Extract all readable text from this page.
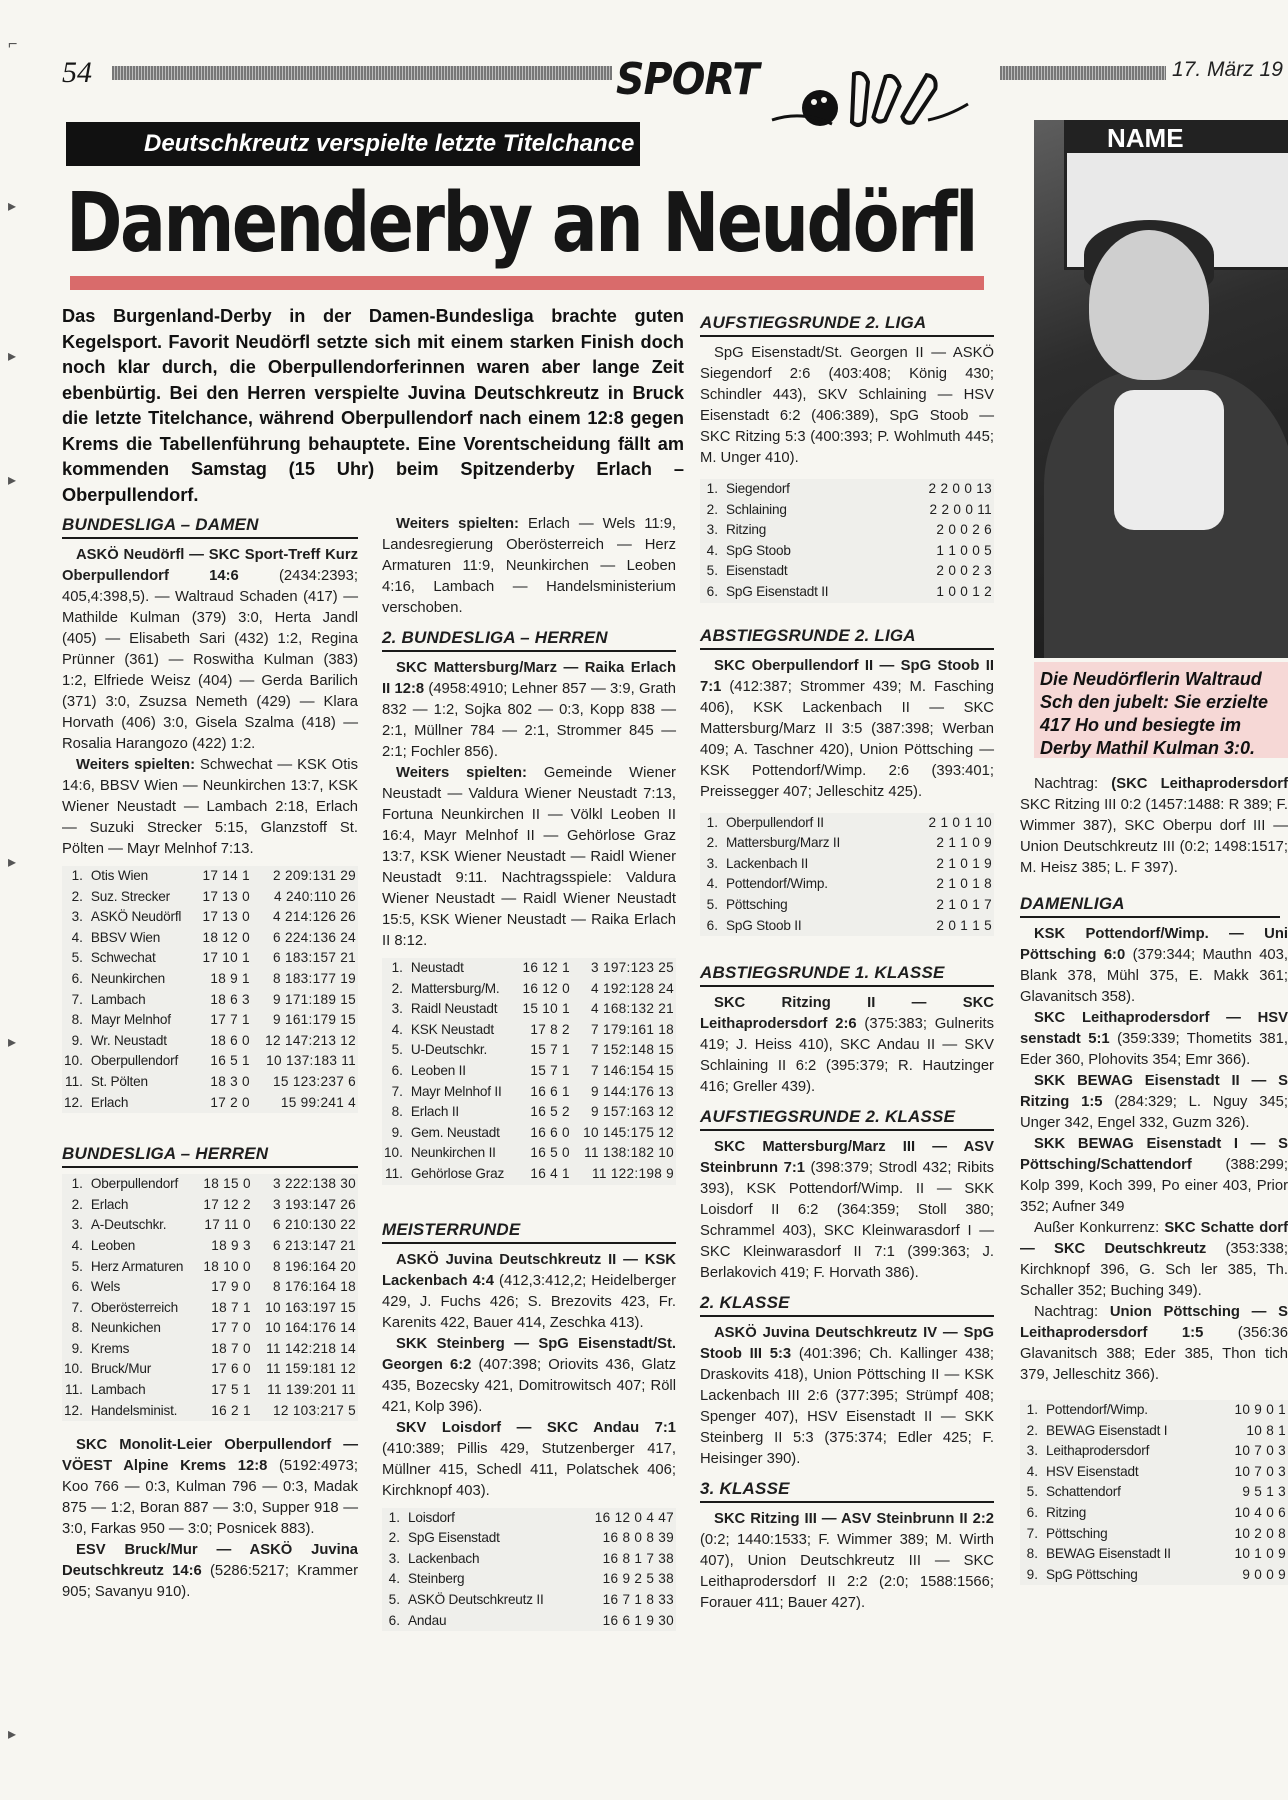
54	SPORT	17. März 19
Deutschkreutz verspielte letzte Titelchance
Damenderby an Neudörfl
Das Burgenland-Derby in der Damen-Bundesliga brachte guten Kegelsport. Favorit Neudörfl setzte sich mit einem starken Finish doch noch klar durch, die Oberpullendorferinnen waren aber lange Zeit ebenbürtig. Bei den Herren verspielte Juvina Deutschkreutz in Bruck die letzte Titelchance, während Oberpullendorf nach einem 12:8 gegen Krems die Tabellenführung behauptete. Eine Vorentscheidung fällt am kommenden Samstag (15 Uhr) beim Spitzenderby Erlach – Oberpullendorf.
BUNDESLIGA – DAMEN

ASKÖ Neudörfl — SKC Sport-Treff Kurz Oberpullendorf 14:6 (2434:2393; 405,4:398,5). — Waltraud Schaden (417) — Mathilde Kulman (379) 3:0, Herta Jandl (405) — Elisabeth Sari (432) 1:2, Regina Prünner (361) — Roswitha Kulman (383) 1:2, Elfriede Weisz (404) — Gerda Barilich (371) 3:0, Zsuzsa Nemeth (429) — Klara Horvath (406) 3:0, Gisela Szalma (418) — Rosalia Harangozo (422) 1:2.

Weiters spielten: Schwechat — KSK Otis 14:6, BBSV Wien — Neunkirchen 13:7, KSK Wiener Neustadt — Lambach 2:18, Erlach — Suzuki Strecker 5:15, Glanzstoff St. Pölten — Mayr Melnhof 7:13.

1.	Otis Wien	17 14 1	2 209:131 29
2.	Suz. Strecker	17 13 0	4 240:110 26
3.	ASKÖ Neudörfl	17 13 0	4 214:126 26
4.	BBSV Wien	18 12 0	6 224:136 24
5.	Schwechat	17 10 1	6 183:157 21
6.	Neunkirchen	18 9 1	8 183:177 19
7.	Lambach	18 6 3	9 171:189 15
8.	Mayr Melnhof	17 7 1	9 161:179 15
9.	Wr. Neustadt	18 6 0	12 147:213 12
10.	Oberpullendorf	16 5 1	10 137:183 11
11.	St. Pölten	18 3 0	15 123:237 6
12.	Erlach	17 2 0	15 99:241 4
BUNDESLIGA – HERREN
1.	Oberpullendorf	18 15 0	3 222:138 30
2.	Erlach	17 12 2	3 193:147 26
3.	A-Deutschkr.	17 11 0	6 210:130 22
4.	Leoben	18 9 3	6 213:147 21
5.	Herz Armaturen	18 10 0	8 196:164 20
6.	Wels	17 9 0	8 176:164 18
7.	Oberösterreich	18 7 1	10 163:197 15
8.	Neunkichen	17 7 0	10 164:176 14
9.	Krems	18 7 0	11 142:218 14
10.	Bruck/Mur	17 6 0	11 159:181 12
11.	Lambach	17 5 1	11 139:201 11
12.	Handelsminist.	16 2 1	12 103:217 5

SKC Monolit-Leier Oberpullendorf — VÖEST Alpine Krems 12:8 (5192:4973; Koo 766 — 0:3, Kulman 796 — 0:3, Madak 875 — 1:2, Boran 887 — 3:0, Supper 918 — 3:0, Farkas 950 — 3:0; Posnicek 883).

ESV Bruck/Mur — ASKÖ Juvina Deutschkreutz 14:6 (5286:5217; Krammer 905; Savanyu 910).

Weiters spielten: Erlach — Wels 11:9, Landesregierung Oberösterreich — Herz Armaturen 11:9, Neunkirchen — Leoben 4:16, Lambach — Handelsministerium verschoben.

2. BUNDESLIGA – HERREN

SKC Mattersburg/Marz — Raika Erlach II 12:8 (4958:4910; Lehner 857 — 3:9, Grath 832 — 1:2, Sojka 802 — 0:3, Kopp 838 — 2:1, Müllner 784 — 2:1, Strommer 845 — 2:1; Fochler 856).

Weiters spielten: Gemeinde Wiener Neustadt — Valdura Wiener Neustadt 7:13, Fortuna Neunkirchen II — Völkl Leoben II 16:4, Mayr Melnhof II — Gehörlose Graz 13:7, KSK Wiener Neustadt — Raidl Wiener Neustadt 9:11. Nachtragsspiele: Valdura Wiener Neustadt — Raidl Wiener Neustadt 15:5, KSK Wiener Neustadt — Raika Erlach II 8:12.

1.	Neustadt	16 12 1	3 197:123 25
2.	Mattersburg/M.	16 12 0	4 192:128 24
3.	Raidl Neustadt	15 10 1	4 168:132 21
4.	KSK Neustadt	17 8 2	7 179:161 18
5.	U-Deutschkr.	15 7 1	7 152:148 15
6.	Leoben II	15 7 1	7 146:154 15
7.	Mayr Melnhof II	16 6 1	9 144:176 13
8.	Erlach II	16 5 2	9 157:163 12
9.	Gem. Neustadt	16 6 0	10 145:175 12
10.	Neunkirchen II	16 5 0	11 138:182 10
11.	Gehörlose Graz	16 4 1	11 122:198 9
MEISTERRUNDE

ASKÖ Juvina Deutschkreutz II — KSK Lackenbach 4:4 (412,3:412,2; Heidelberger 429, J. Fuchs 426; S. Brezovits 423, Fr. Karenits 422, Bauer 414, Zeschka 413).

SKK Steinberg — SpG Eisenstadt/St. Georgen 6:2 (407:398; Oriovits 436, Glatz 435, Bozecsky 421, Domitrowitsch 407; Röll 421, Kolp 396).

SKV Loisdorf — SKC Andau 7:1 (410:389; Pillis 429, Stutzenberger 417, Müllner 415, Schedl 411, Polatschek 406; Kirchknopf 403).

1.	Loisdorf	16 12 0 4 47
2.	SpG Eisenstadt	16 8 0 8 39
3.	Lackenbach	16 8 1 7 38
4.	Steinberg	16 9 2 5 38
5.	ASKÖ Deutschkreutz II	16 7 1 8 33
6.	Andau	16 6 1 9 30
AUFSTIEGSRUNDE 2. LIGA

SpG Eisenstadt/St. Georgen II — ASKÖ Siegendorf 2:6 (403:408; König 430; Schindler 443), SKV Schlaining — HSV Eisenstadt 6:2 (406:389), SpG Stoob — SKC Ritzing 5:3 (400:393; P. Wohlmuth 445; M. Unger 410).

1.	Siegendorf	2 2 0 0 13
2.	Schlaining	2 2 0 0 11
3.	Ritzing	2 0 0 2 6
4.	SpG Stoob	1 1 0 0 5
5.	Eisenstadt	2 0 0 2 3
6.	SpG Eisenstadt II	1 0 0 1 2
ABSTIEGSRUNDE 2. LIGA

SKC Oberpullendorf II — SpG Stoob II 7:1 (412:387; Strommer 439; M. Fasching 406), KSK Lackenbach II — SKC Mattersburg/Marz II 3:5 (387:398; Werban 409; A. Taschner 420), Union Pöttsching — KSK Pottendorf/Wimp. 2:6 (393:401; Preissegger 407; Jelleschitz 425).

1.	Oberpullendorf II	2 1 0 1 10
2.	Mattersburg/Marz II	2 1 1 0 9
3.	Lackenbach II	2 1 0 1 9
4.	Pottendorf/Wimp.	2 1 0 1 8
5.	Pöttsching	2 1 0 1 7
6.	SpG Stoob II	2 0 1 1 5
ABSTIEGSRUNDE 1. KLASSE

SKC Ritzing II — SKC Leithaprodersdorf 2:6 (375:383; Gulnerits 419; J. Heiss 410), SKC Andau II — SKV Schlaining II 6:2 (395:379; R. Hautzinger 416; Greller 439).

AUFSTIEGSRUNDE 2. KLASSE

SKC Mattersburg/Marz III — ASV Steinbrunn 7:1 (398:379; Strodl 432; Ribits 393), KSK Pottendorf/Wimp. II — SKK Loisdorf II 6:2 (364:359; Stoll 380; Schrammel 403), SKC Kleinwarasdorf I — SKC Kleinwarasdorf II 7:1 (399:363; J. Berlakovich 419; F. Horvath 386).

2. KLASSE

ASKÖ Juvina Deutschkreutz IV — SpG Stoob III 5:3 (401:396; Ch. Kallinger 438; Draskovits 418), Union Pöttsching II — KSK Lackenbach III 2:6 (377:395; Strümpf 408; Spenger 407), HSV Eisenstadt II — SKK Steinberg II 5:3 (375:374; Edler 425; F. Heisinger 390).

3. KLASSE

SKC Ritzing III — ASV Steinbrunn II 2:2 (0:2; 1440:1533; F. Wimmer 389; M. Wirth 407), Union Deutschkreutz III — SKC Leithaprodersdorf II 2:2 (2:0; 1588:1566; Forauer 411; Bauer 427).

NAME
Die Neudörflerin Waltraud Sch den jubelt: Sie erzielte 417 Ho und besiegte im Derby Mathil Kulman 3:0.

Nachtrag: (SKC Leithaprodersdorf SKC Ritzing III 0:2 (1457:1488: R 389; F. Wimmer 387), SKC Oberpu dorf III — Union Deutschkreutz III (0:2; 1498:1517; M. Heisz 385; L. F 397).

DAMENLIGA

KSK Pottendorf/Wimp. — Uni Pöttsching 6:0 (379:344; Mauthn 403, Blank 378, Mühl 375, E. Makk 361; Glavanitsch 358).

SKC Leithaprodersdorf — HSV senstadt 5:1 (359:339; Thometits 381, Eder 360, Plohovits 354; Emr 366).

SKK BEWAG Eisenstadt II — S Ritzing 1:5 (284:329; L. Nguy 345; Unger 342, Engel 332, Guzm 326).

SKK BEWAG Eisenstadt I — S Pöttsching/Schattendorf (388:299; Kolp 399, Koch 399, Po einer 403, Prior 352; Aufner 349

Außer Konkurrenz: SKC Schatte dorf — SKC Deutschkreutz (353:338; Kirchknopf 396, G. Sch ler 385, Th. Schaller 352; Buching 349).

Nachtrag: Union Pöttsching — S Leithaprodersdorf 1:5 (356:36 Glavanitsch 388; Eder 385, Thon tich 379, Jelleschitz 366).

1.	Pottendorf/Wimp.	10 9 0 1
2.	BEWAG Eisenstadt I	10 8 1
3.	Leithaprodersdorf	10 7 0 3
4.	HSV Eisenstadt	10 7 0 3
5.	Schattendorf	9 5 1 3
6.	Ritzing	10 4 0 6
7.	Pöttsching	10 2 0 8
8.	BEWAG Eisenstadt II	10 1 0 9
9.	SpG Pöttsching	9 0 0 9
⌐
▸
▸
▸
▸
▸
▸
